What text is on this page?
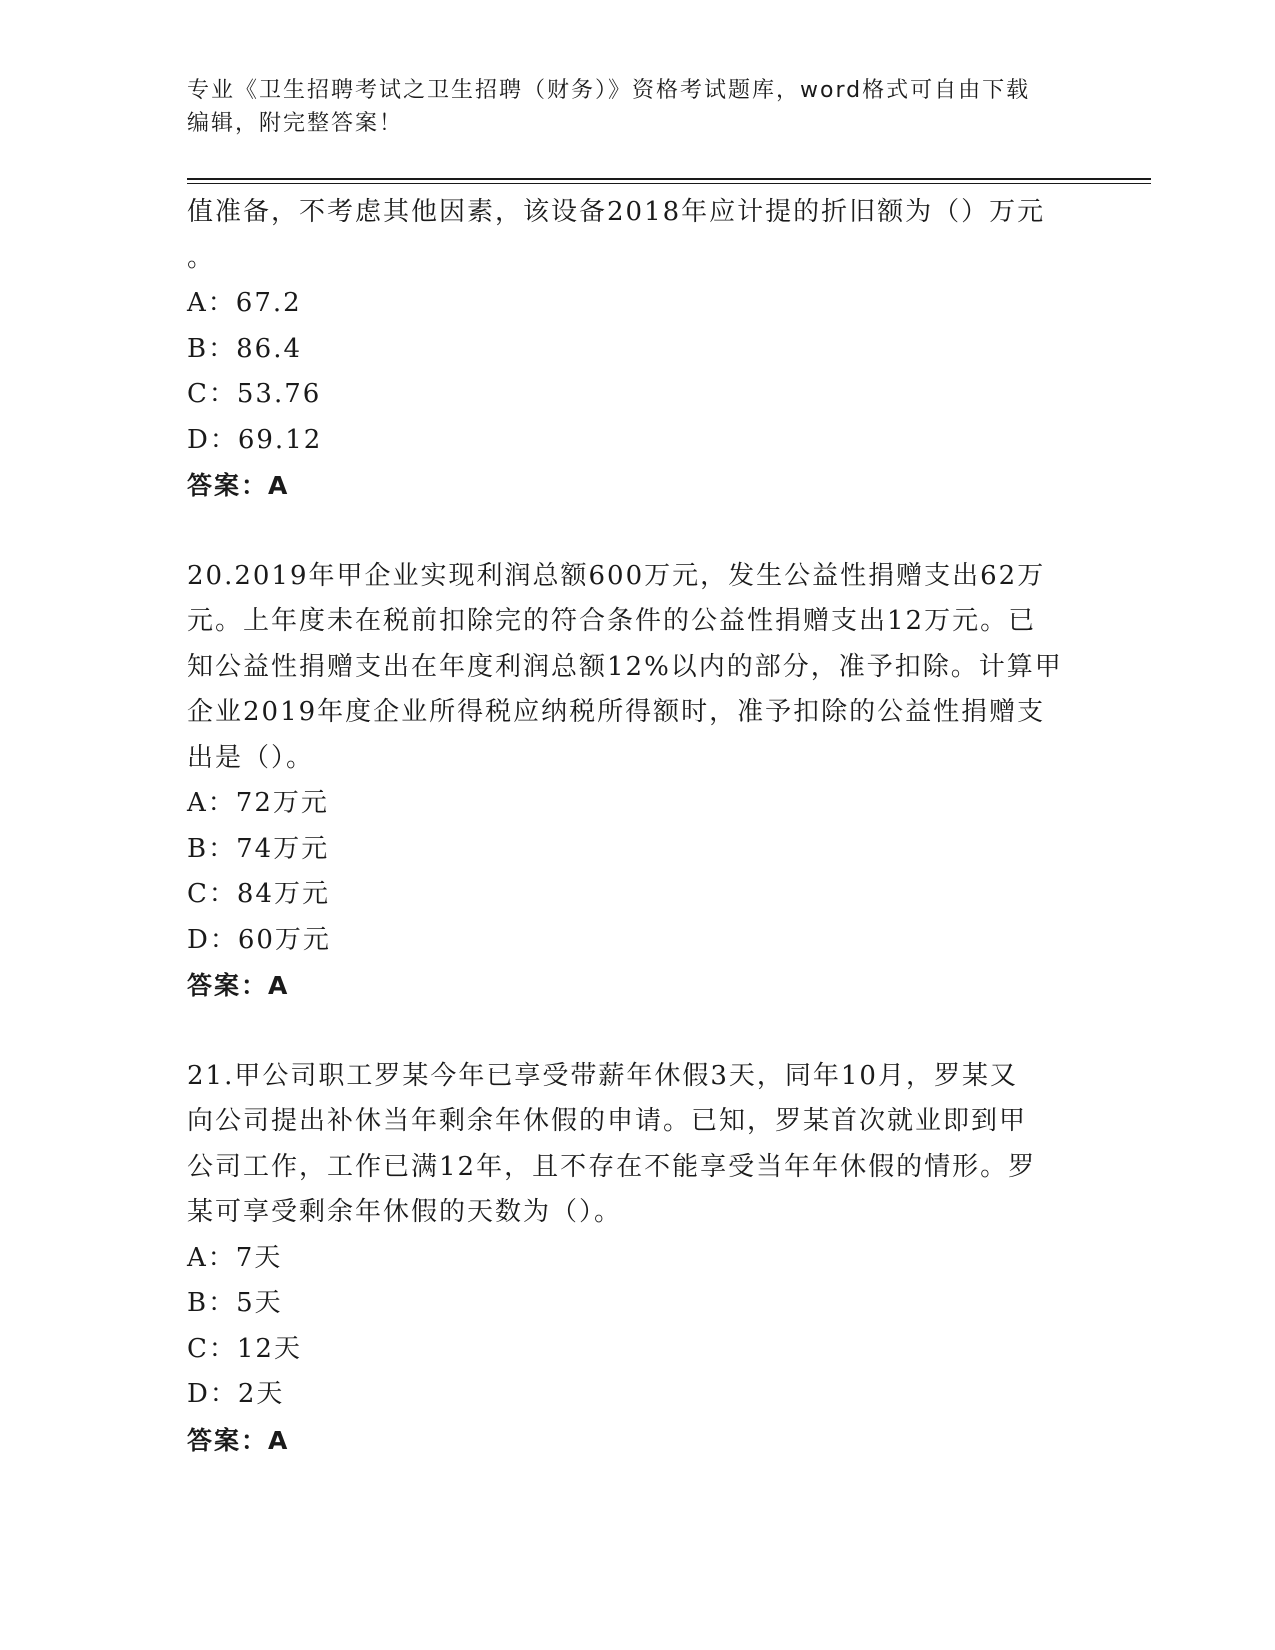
专业《卫生招聘考试之卫生招聘（财务）》资格考试题库，word格式可自由下载
编辑，附完整答案！
值准备，不考虑其他因素，该设备2018年应计提的折旧额为（）万元
。
A：67.2
B：86.4
C：53.76
D：69.12
答案：A
20.2019年甲企业实现利润总额600万元，发生公益性捐赠支出62万
元。上年度未在税前扣除完的符合条件的公益性捐赠支出12万元。已
知公益性捐赠支出在年度利润总额12%以内的部分，准予扣除。计算甲
企业2019年度企业所得税应纳税所得额时，准予扣除的公益性捐赠支
出是（）。
A：72万元
B：74万元
C：84万元
D：60万元
答案：A
21.甲公司职工罗某今年已享受带薪年休假3天，同年10月，罗某又
向公司提出补休当年剩余年休假的申请。已知，罗某首次就业即到甲
公司工作，工作已满12年，且不存在不能享受当年年休假的情形。罗
某可享受剩余年休假的天数为（）。
A：7天
B：5天
C：12天
D：2天
答案：A
